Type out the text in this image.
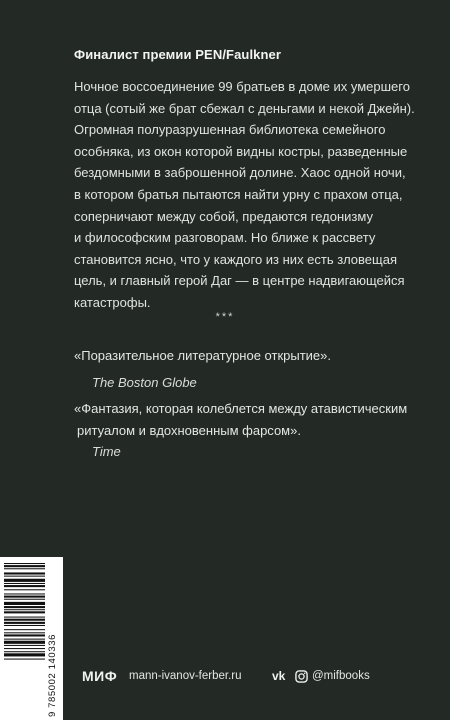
Финалист премии PEN/Faulkner
Ночное воссоединение 99 братьев в доме их умершего
отца (сотый же брат сбежал с деньгами и некой Джейн).
Огромная полуразрушенная библиотека семейного
особняка, из окон которой видны костры, разведенные
бездомными в заброшенной долине. Хаос одной ночи,
в котором братья пытаются найти урну с прахом отца,
соперничают между собой, предаются гедонизму
и философским разговорам. Но ближе к рассвету
становится ясно, что у каждого из них есть зловещая
цель, и главный герой Даг — в центре надвигающейся
катастрофы.
***
«Поразительное литературное открытие».
The Boston Globe
«Фантазия, которая колеблется между атавистическим
ритуалом и вдохновенным фарсом».
Time
9 785002 140336 МИФ mann-ivanov-ferber.ru	vk @mifbooks
